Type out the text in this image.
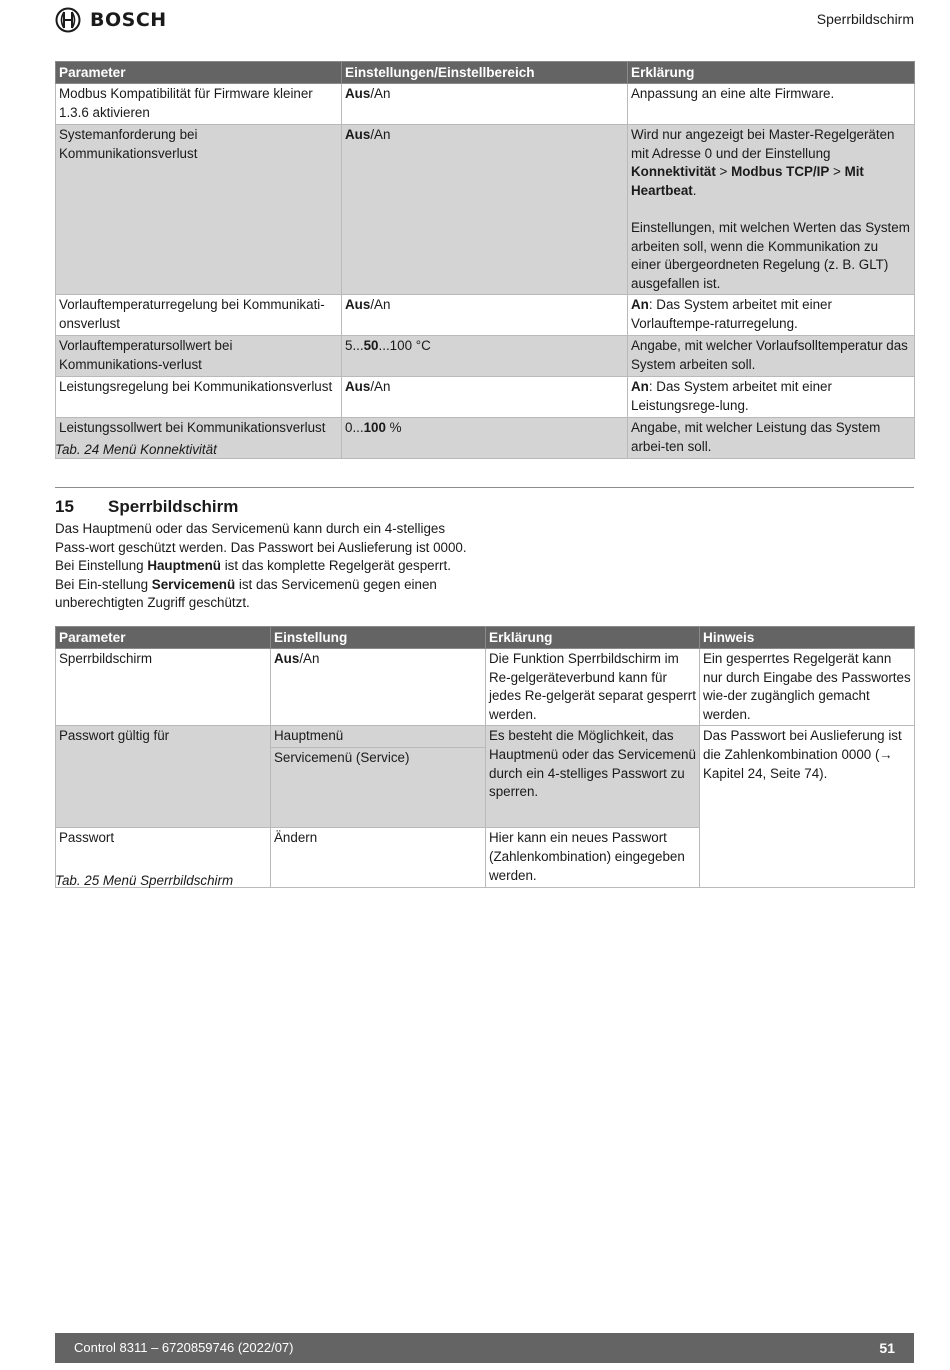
BOSCH	Sperrbildschirm
Parameter	Einstellungen/Einstellbereich	Erklärung
Modbus Kompatibilität für Firmware kleiner 1.3.6 aktivieren	Aus/An	Anpassung an eine alte Firmware.
Systemanforderung bei Kommunikationsverlust	Aus/An	Wird nur angezeigt bei Master-Regelgeräten mit Adresse 0 und der Einstellung Konnektivität > Modbus TCP/IP > Mit Heartbeat.
Einstellungen, mit welchen Werten das System arbeiten soll, wenn die Kommunikation zu einer übergeordneten Regelung (z. B. GLT) ausgefallen ist.

Vorlauftemperaturregelung bei Kommunikati-onsverlust	Aus/An	An: Das System arbeitet mit einer Vorlauftempe-raturregelung.
Vorlauftemperatursollwert bei Kommunikations-verlust	5...50...100 °C	Angabe, mit welcher Vorlaufsolltemperatur das System arbeiten soll.
Leistungsregelung bei Kommunikationsverlust	Aus/An	An: Das System arbeitet mit einer Leistungsrege-lung.
Leistungssollwert bei Kommunikationsverlust	0...100 %	Angabe, mit welcher Leistung das System arbei-ten soll.
Tab. 24 Menü Konnektivität
15 Sperrbildschirm
Das Hauptmenü oder das Servicemenü kann durch ein 4-stelliges Pass-wort geschützt werden. Das Passwort bei Auslieferung ist 0000. Bei Einstellung Hauptmenü ist das komplette Regelgerät gesperrt. Bei Ein-stellung Servicemenü ist das Servicemenü gegen einen unberechtigten Zugriff geschützt.
Parameter	Einstellung	Erklärung	Hinweis
Sperrbildschirm	Aus/An	Die Funktion Sperrbildschirm im Re-gelgeräteverbund kann für jedes Re-gelgerät separat gesperrt werden.	Ein gesperrtes Regelgerät kann nur durch Eingabe des Passwortes wie-der zugänglich gemacht werden.
Passwort gültig für	Hauptmenü	Es besteht die Möglichkeit, das Hauptmenü oder das Servicemenü durch ein 4-stelliges Passwort zu sperren.	Das Passwort bei Auslieferung ist die Zahlenkombination 0000 (→ Kapitel 24, Seite 74).
	Servicemenü (Service)		
Passwort	Ändern	Hier kann ein neues Passwort (Zahlenkombination) eingegeben werden.	
Tab. 25 Menü Sperrbildschirm
Control 8311 – 6720859746 (2022/07)	51
